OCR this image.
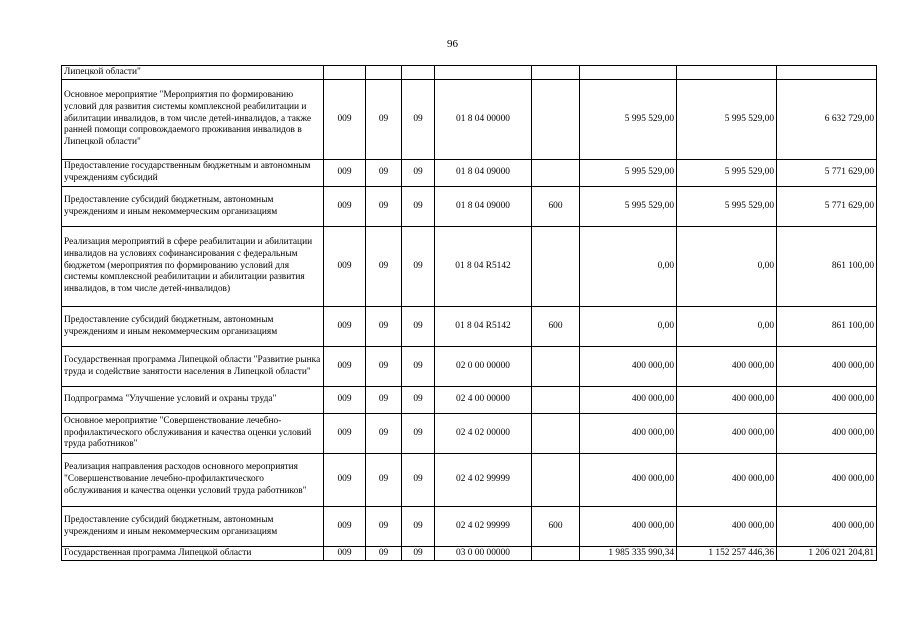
96
Липецкой области"								
Основное мероприятие "Мероприятия по формированию условий для развития системы комплексной реабилитации и абилитации инвалидов, в том числе детей-инвалидов, а также ранней помощи сопровождаемого проживания инвалидов в Липецкой области"	009	09	09	01 8 04 00000		5 995 529,00	5 995 529,00	6 632 729,00
Предоставление государственным бюджетным и автономным учреждениям субсидий	009	09	09	01 8 04 09000		5 995 529,00	5 995 529,00	5 771 629,00
Предоставление субсидий бюджетным, автономным учреждениям и иным некоммерческим организациям	009	09	09	01 8 04 09000	600	5 995 529,00	5 995 529,00	5 771 629,00
Реализация мероприятий в сфере реабилитации и абилитации инвалидов на условиях софинансирования с федеральным бюджетом (мероприятия по формированию условий для системы комплексной реабилитации и абилитации развития инвалидов, в том числе детей-инвалидов)	009	09	09	01 8 04 R5142		0,00	0,00	861 100,00
Предоставление субсидий бюджетным, автономным учреждениям и иным некоммерческим организациям	009	09	09	01 8 04 R5142	600	0,00	0,00	861 100,00
Государственная программа Липецкой области "Развитие рынка труда и содействие занятости населения в Липецкой области"	009	09	09	02 0 00 00000		400 000,00	400 000,00	400 000,00
Подпрограмма "Улучшение условий и охраны труда"	009	09	09	02 4 00 00000		400 000,00	400 000,00	400 000,00
Основное мероприятие "Совершенствование лечебно-профилактического обслуживания и качества оценки условий труда работников"	009	09	09	02 4 02 00000		400 000,00	400 000,00	400 000,00
Реализация направления расходов основного мероприятия "Совершенствование лечебно-профилактического обслуживания и качества оценки условий труда работников"	009	09	09	02 4 02 99999		400 000,00	400 000,00	400 000,00
Предоставление субсидий бюджетным, автономным учреждениям и иным некоммерческим организациям	009	09	09	02 4 02 99999	600	400 000,00	400 000,00	400 000,00
Государственная программа Липецкой области	009	09	09	03 0 00 00000		1 985 335 990,34	1 152 257 446,36	1 206 021 204,81
